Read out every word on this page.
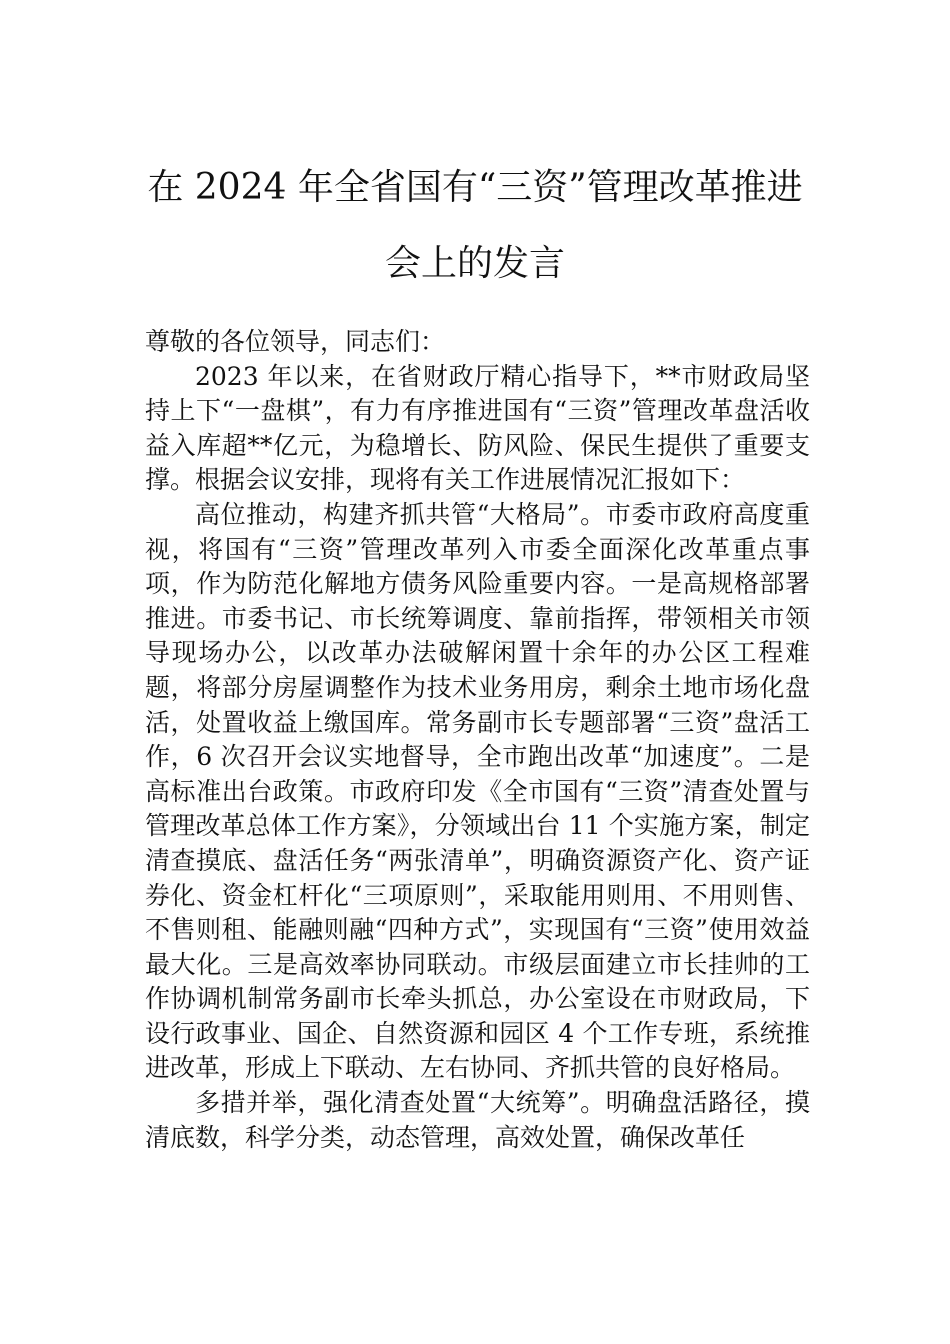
在 2024 年全省国有“三资”管理改革推进
会上的发言

尊敬的各位领导，同志们：

2023 年以来，在省财政厅精心指导下，**市财政局坚持上下“一盘棋”，有力有序推进国有“三资”管理改革盘活收益入库超**亿元，为稳增长、防风险、保民生提供了重要支撑。根据会议安排，现将有关工作进展情况汇报如下：

高位推动，构建齐抓共管“大格局”。市委市政府高度重视，将国有“三资”管理改革列入市委全面深化改革重点事项，作为防范化解地方债务风险重要内容。一是高规格部署推进。市委书记、市长统筹调度、靠前指挥，带领相关市领导现场办公，以改革办法破解闲置十余年的办公区工程难题，将部分房屋调整作为技术业务用房，剩余土地市场化盘活，处置收益上缴国库。常务副市长专题部署“三资”盘活工作，6 次召开会议实地督导，全市跑出改革“加速度”。二是高标准出台政策。市政府印发《全市国有“三资”清查处置与管理改革总体工作方案》，分领域出台 11 个实施方案，制定清查摸底、盘活任务“两张清单”，明确资源资产化、资产证券化、资金杠杆化“三项原则”，采取能用则用、不用则售、不售则租、能融则融“四种方式”，实现国有“三资”使用效益最大化。三是高效率协同联动。市级层面建立市长挂帅的工作协调机制常务副市长牵头抓总，办公室设在市财政局，下设行政事业、国企、自然资源和园区 4 个工作专班，系统推进改革，形成上下联动、左右协同、齐抓共管的良好格局。

多措并举，强化清查处置“大统筹”。明确盘活路径，摸清底数，科学分类，动态管理，高效处置，确保改革任
